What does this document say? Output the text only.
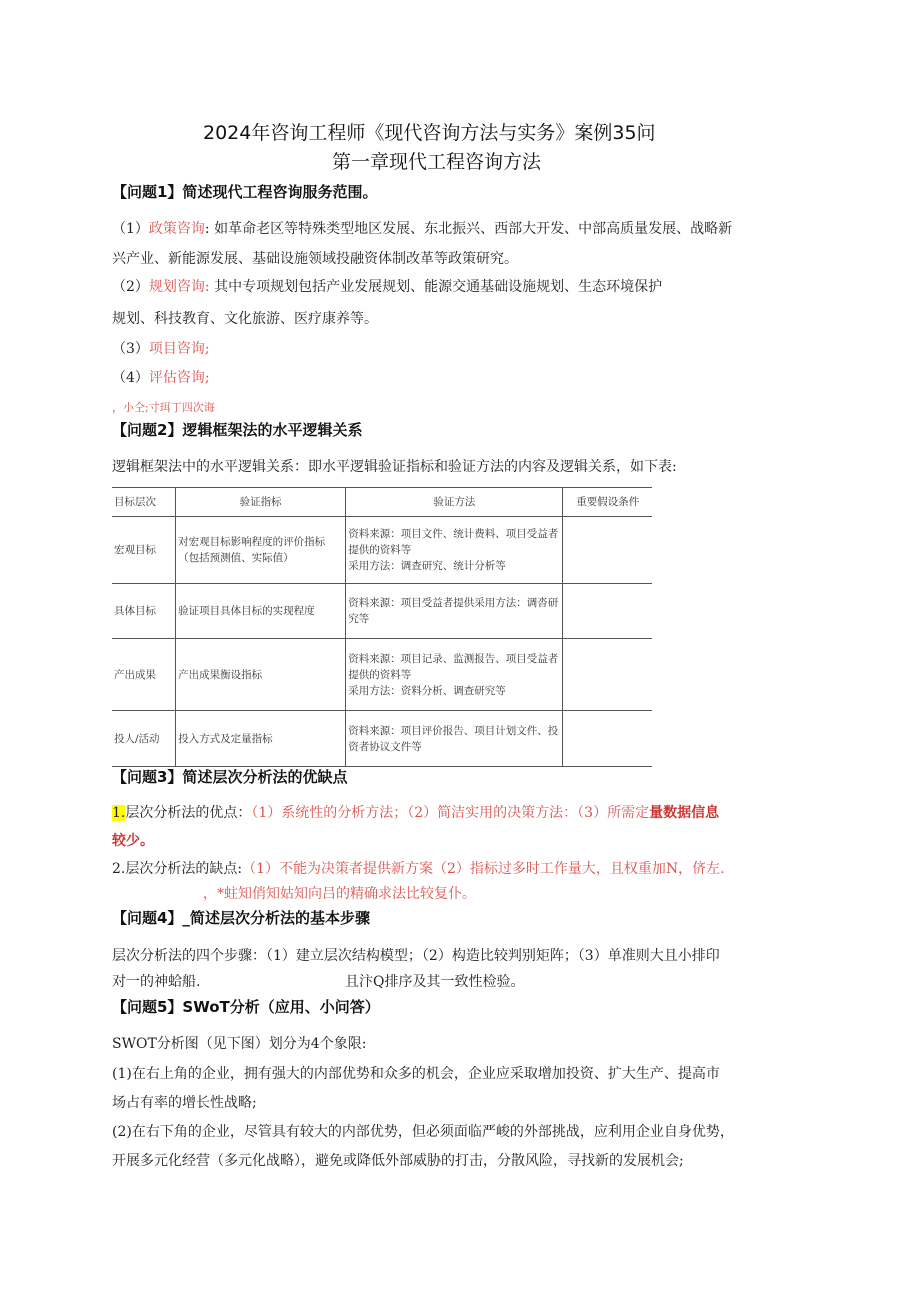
2024年咨询工程师《现代咨询方法与实务》案例35问
第一章现代工程咨询方法
【问题1】简述现代工程咨询服务范围。
（1）政策咨询: 如革命老区等特殊类型地区发展、东北振兴、西部大开发、中部高质量发展、战略新
兴产业、新能源发展、基础设施领域投融资体制改革等政策研究。
（2）规划咨询: 其中专项规划包括产业发展规划、能源交通基础设施规划、生态环境保护
规划、科技教育、文化旅游、医疗康养等。
（3）项目咨询;
（4）评估咨询;
，小仝;寸珥丁四次诲
【问题2】逻辑框架法的水平逻辑关系
逻辑框架法中的水平逻辑关系：即水平逻辑验证指标和验证方法的内容及逻辑关系，如下表:
目标层次	验证指标	验证方法	重要假设条件
宏观目标	对宏观目标影响程度的评价指标（包括预测值、实际值）	资料来源：项目文件、统计费料、项目受益者提供的资料等
采用方法：调查研究、统计分析等	

具体目标	验证项目具体目标的实现程度	资料来源：项目受益者提供采用方法：调沓研究等	

产出成果	产出成果衡设指标	资料来源：项目记录、监测报告、项目受益者提供的资料等
采用方法：资料分析、调查研究等	

投人/活动	投入方式及定量指标	资料来源：项目评价报告、项目计划文件、投资者协议文件等	

【问题3】简述层次分析法的优缺点
1.层次分析法的优点：（1）系统性的分析方法；（2）简洁实用的决策方法：（3）所需定量数据信息
较少。
2.层次分析法的缺点:（1）不能为决策者提供新方案（2）指标过多时工作量大，且权重加N，侪左.
，*蛀知俏知姑知向吕的精确求法比较复仆。
【问题4】_简述层次分析法的基本步骤
层次分析法的四个步骤：（1）建立层次结构模型；（2）构造比较判别矩阵；（3）单准则大且小排印
对一的神蛤船.	且汴Q排序及其一致性检验。
【问题5】SWoT分析（应用、小问答）
SWOT分析图（见下图）划分为4个象限:
(1)在右上角的企业，拥有强大的内部优势和众多的机会，企业应采取增加投资、扩大生产、提高市
场占有率的增长性战略;
(2)在右下角的企业，尽管具有较大的内部优势，但必须面临严峻的外部挑战，应利用企业自身优势，
开展多元化经营（多元化战略），避免或降低外部威胁的打击，分散风险，寻找新的发展机会;
